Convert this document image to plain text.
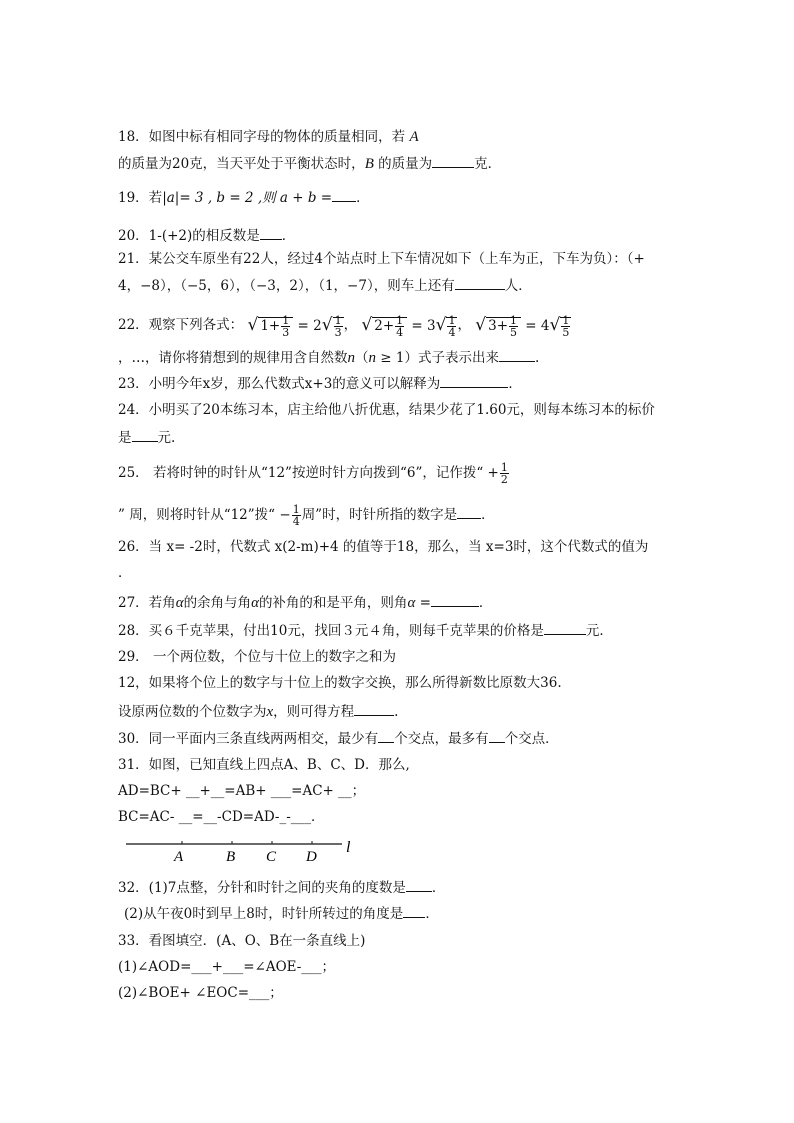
18．如图中标有相同字母的物体的质量相同，若 A
的质量为20克，当天平处于平衡状态时，B 的质量为	克．
19．若|a|= 3 , b = 2 ,则 a + b = ．
20．1-(+2)的相反数是 ．
21．某公交车原坐有22人，经过4个站点时上下车情况如下（上车为正，下车为负）：（+
4，−8），（−5，6），（−3，2），（1，−7），则车上还有	人．
22．观察下列各式： √ $1+ \frac{1}{3} = 2√ \frac{1}{3}$ ， √ $2+ \frac{1}{4} = 3√ \frac{1}{4}$ ， √ $3+ \frac{1}{5} = 4√ \frac{1}{5}$
，…，请你将猜想到的规律用含自然数n（n ≥ 1）式子表示出来	.
23．小明今年x岁，那么代数式x+3的意义可以解释为	．
24．小明买了20本练习本，店主给他八折优惠，结果少花了1.60元，则每本练习本的标价
是 元.
25． 若将时钟的时针从“12”按逆时针方向拨到“6”，记作拨“ + $\frac{1}{2}$
” 周，则将时针从“12”拨“ − $\frac{1}{4}$ 周”时，时针所指的数字是 ．
26．当 x= -2时，代数式 x(2-m)+4 的值等于18，那么，当 x=3时，这个代数式的值为
．
27．若角α的余角与角α的补角的和是平角，则角α =	．
28．买６千克苹果，付出10元，找回３元４角，则每千克苹果的价格是	元．
29． 一个两位数，个位与十位上的数字之和为
12，如果将个位上的数字与十位上的数字交换，那么所得新数比原数大36.
设原两位数的个位数字为x，则可得方程	.
30．同一平面内三条直线两两相交，最少有 个交点，最多有 个交点．
31．如图，已知直线上四点A、B、C、D．那么,
AD=BC+ __+__=AB+ ___=AC+ __；
BC=AC- __=__-CD=AD-_-___．
A	B C D
l
32．(1)7点整，分针和时针之间的夹角的度数是 ．
(2)从午夜0时到早上8时，时针所转过的角度是 ．
33．看图填空．(A、O、B在一条直线上)
(1)∠AOD=___+___=∠AOE-___；
(2)∠BOE+ ∠EOC=___；
